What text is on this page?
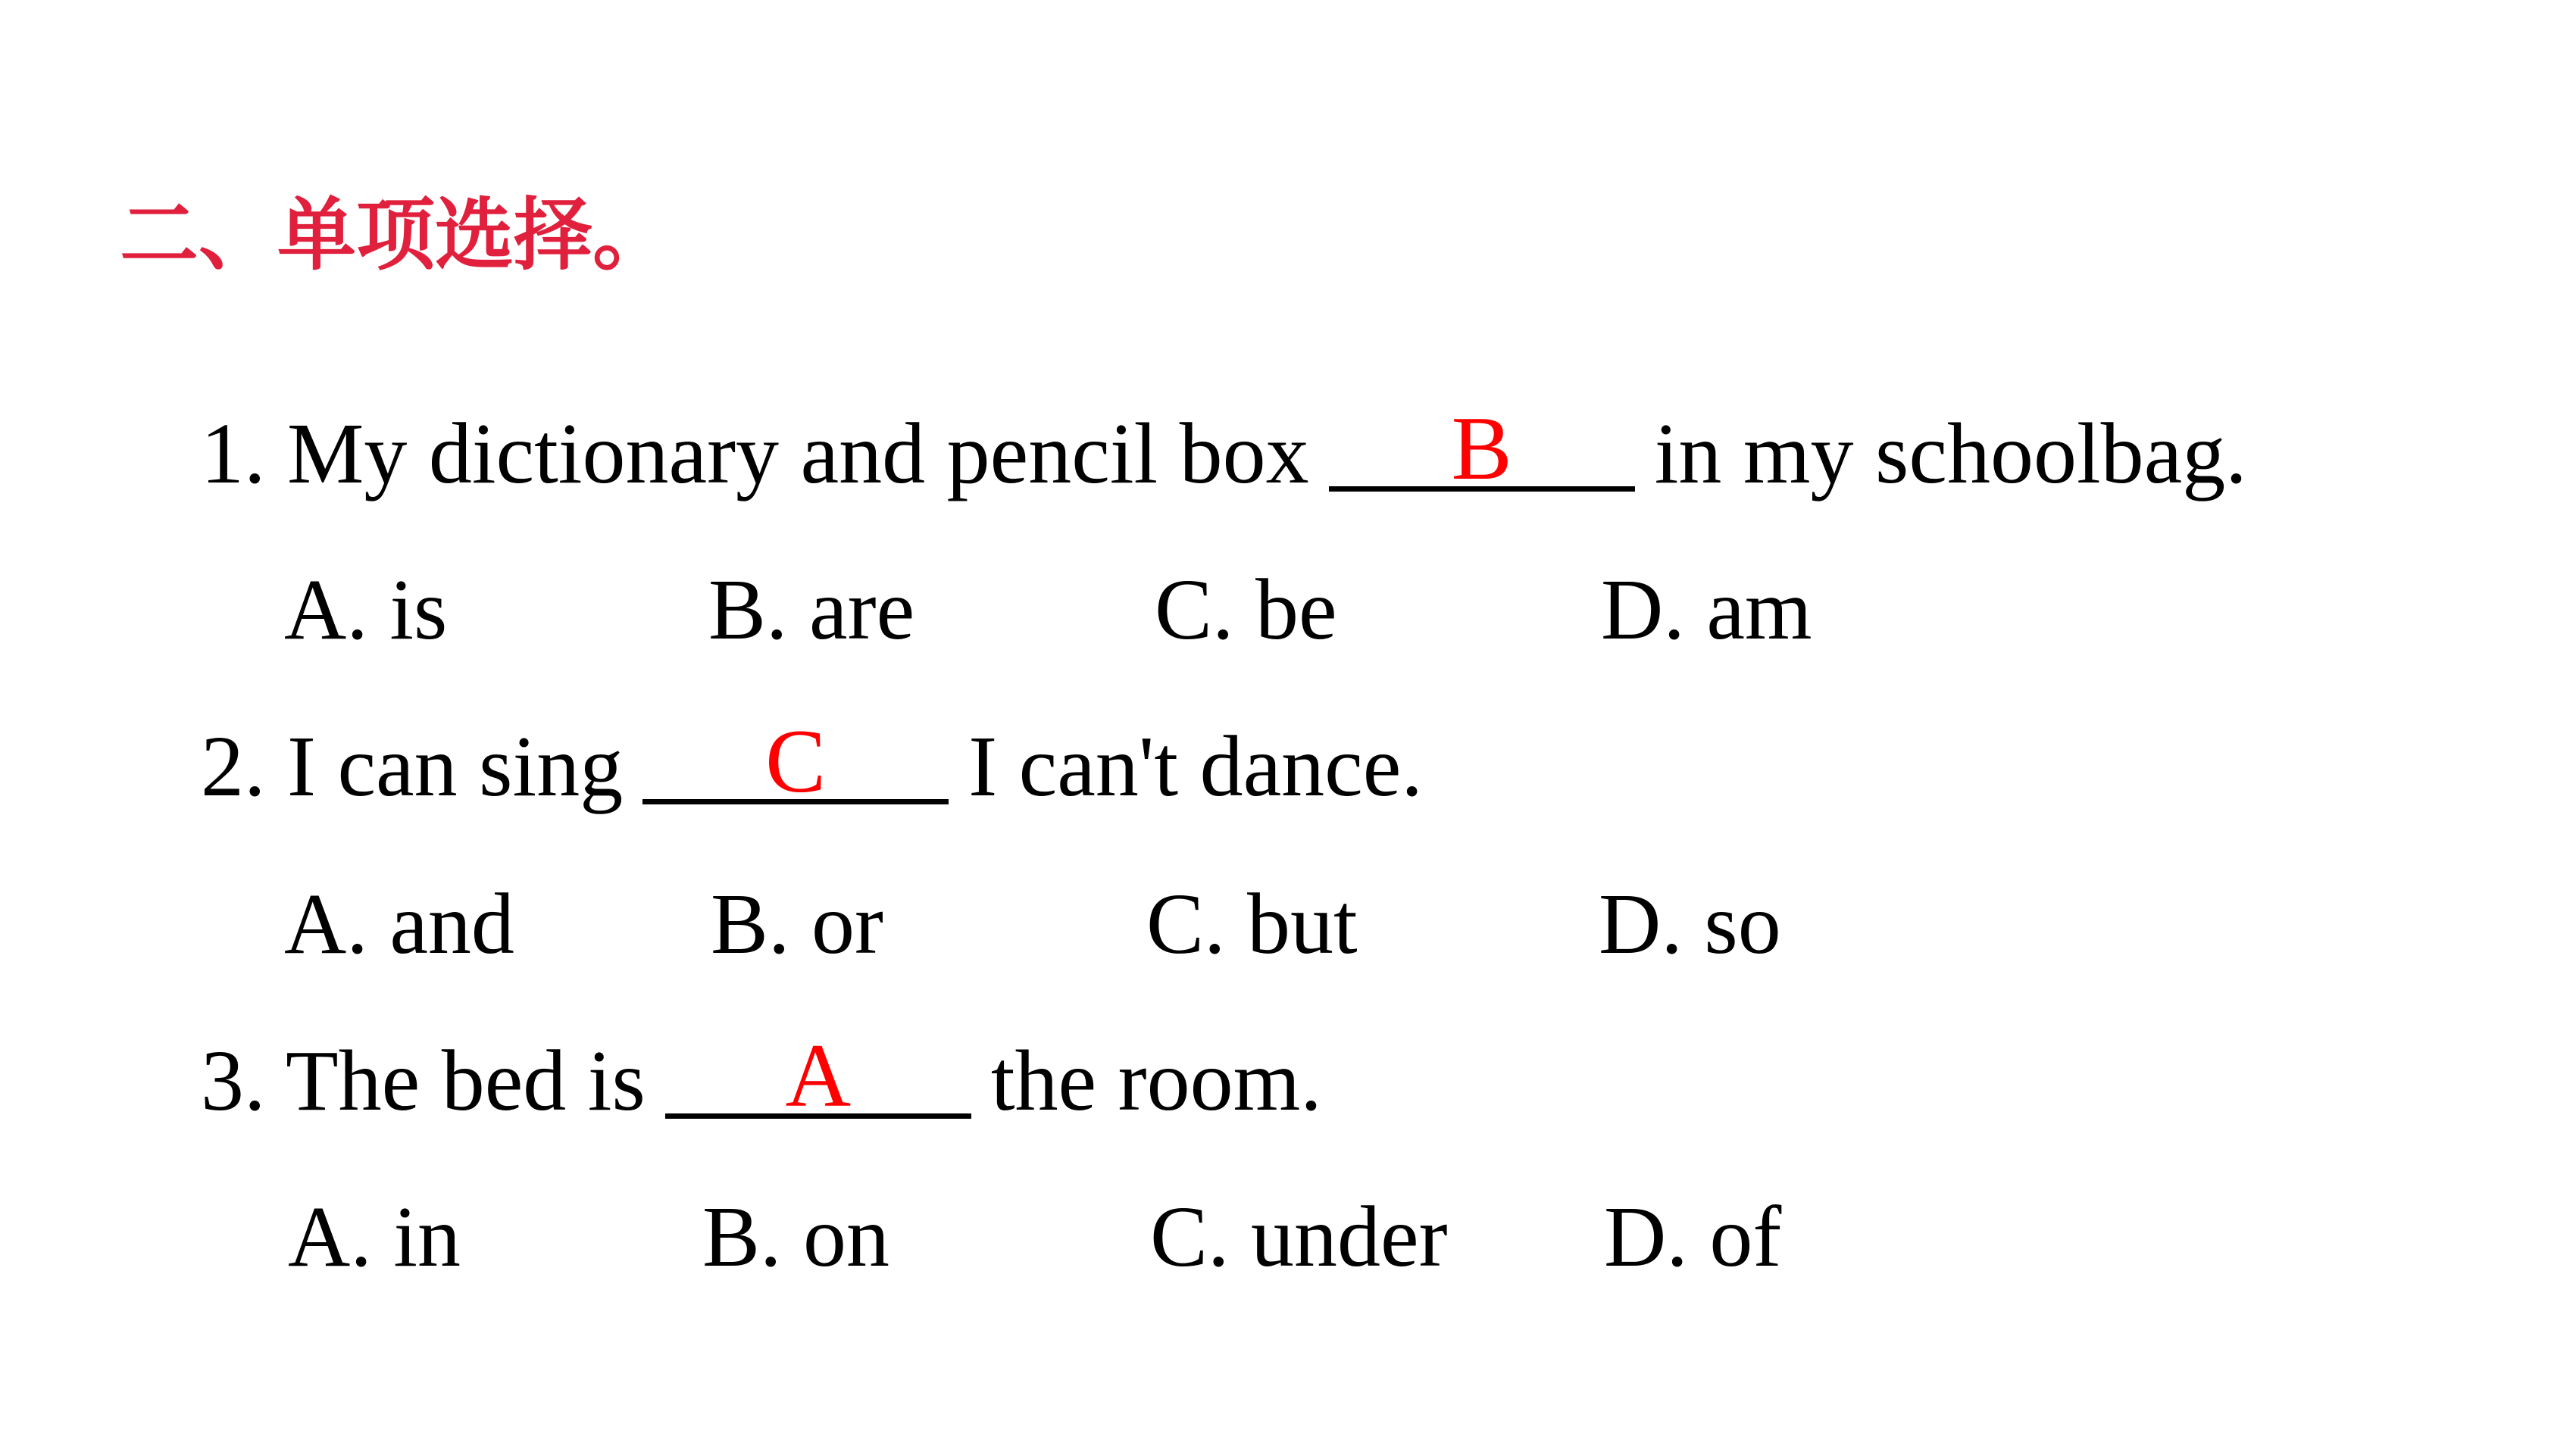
二、单项选择。
1. My dictionary and pencil box	B	in my schoolbag.
A. is	B. are	C. be	D. am
2. I can sing	C	I can't dance.
A. and B. or	C. but	D. so
3. The bed is	A	the room.
A. in	B. on	C. under D. of
